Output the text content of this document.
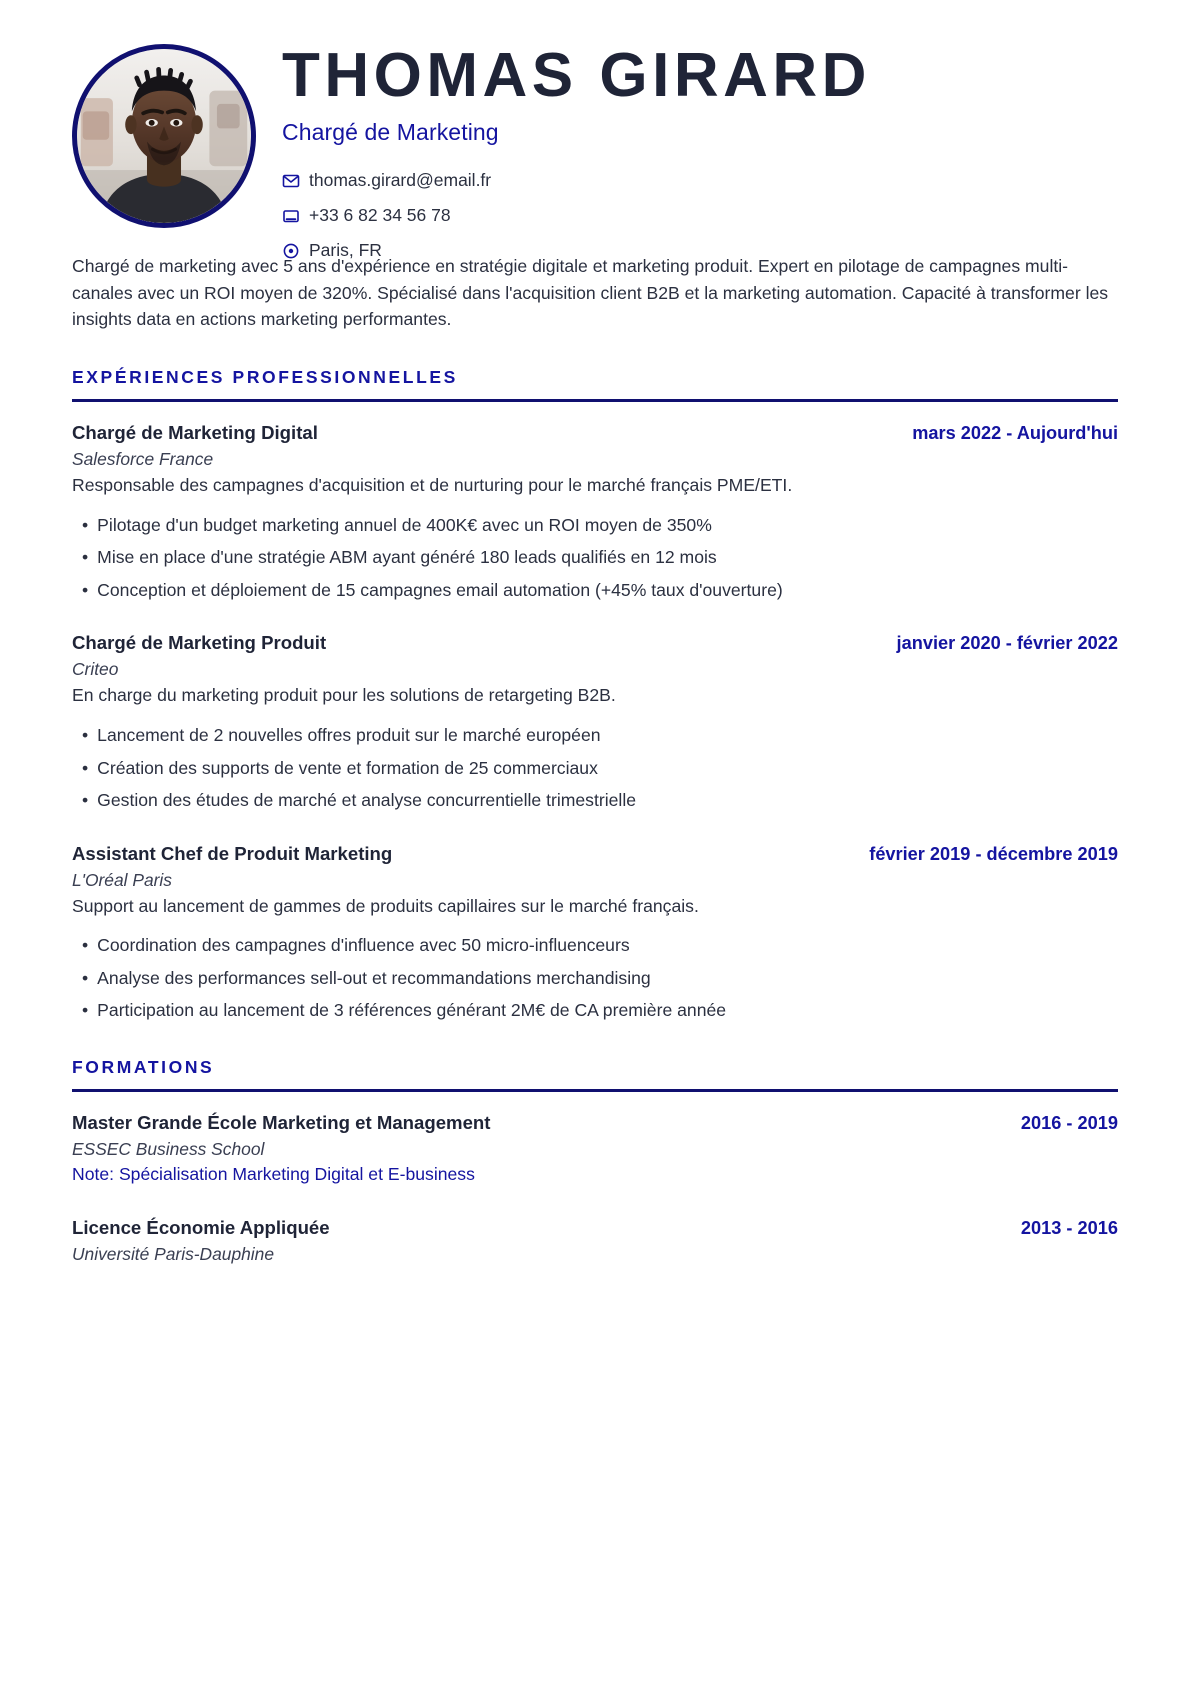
THOMAS GIRARD
Chargé de Marketing
thomas.girard@email.fr
+33 6 82 34 56 78
Paris, FR
Chargé de marketing avec 5 ans d'expérience en stratégie digitale et marketing produit. Expert en pilotage de campagnes multi-canales avec un ROI moyen de 320%. Spécialisé dans l'acquisition client B2B et la marketing automation. Capacité à transformer les insights data en actions marketing performantes.
EXPÉRIENCES PROFESSIONNELLES
Chargé de Marketing Digital	mars 2022 - Aujourd'hui
Salesforce France
Responsable des campagnes d'acquisition et de nurturing pour le marché français PME/ETI.
• Pilotage d'un budget marketing annuel de 400K€ avec un ROI moyen de 350%
• Mise en place d'une stratégie ABM ayant généré 180 leads qualifiés en 12 mois
• Conception et déploiement de 15 campagnes email automation (+45% taux d'ouverture)
Chargé de Marketing Produit	janvier 2020 - février 2022
Criteo
En charge du marketing produit pour les solutions de retargeting B2B.
• Lancement de 2 nouvelles offres produit sur le marché européen
• Création des supports de vente et formation de 25 commerciaux
• Gestion des études de marché et analyse concurrentielle trimestrielle
Assistant Chef de Produit Marketing	février 2019 - décembre 2019
L'Oréal Paris
Support au lancement de gammes de produits capillaires sur le marché français.
• Coordination des campagnes d'influence avec 50 micro-influenceurs
• Analyse des performances sell-out et recommandations merchandising
• Participation au lancement de 3 références générant 2M€ de CA première année
FORMATIONS
Master Grande École Marketing et Management	2016 - 2019
ESSEC Business School
Note: Spécialisation Marketing Digital et E-business
Licence Économie Appliquée	2013 - 2016
Université Paris-Dauphine
